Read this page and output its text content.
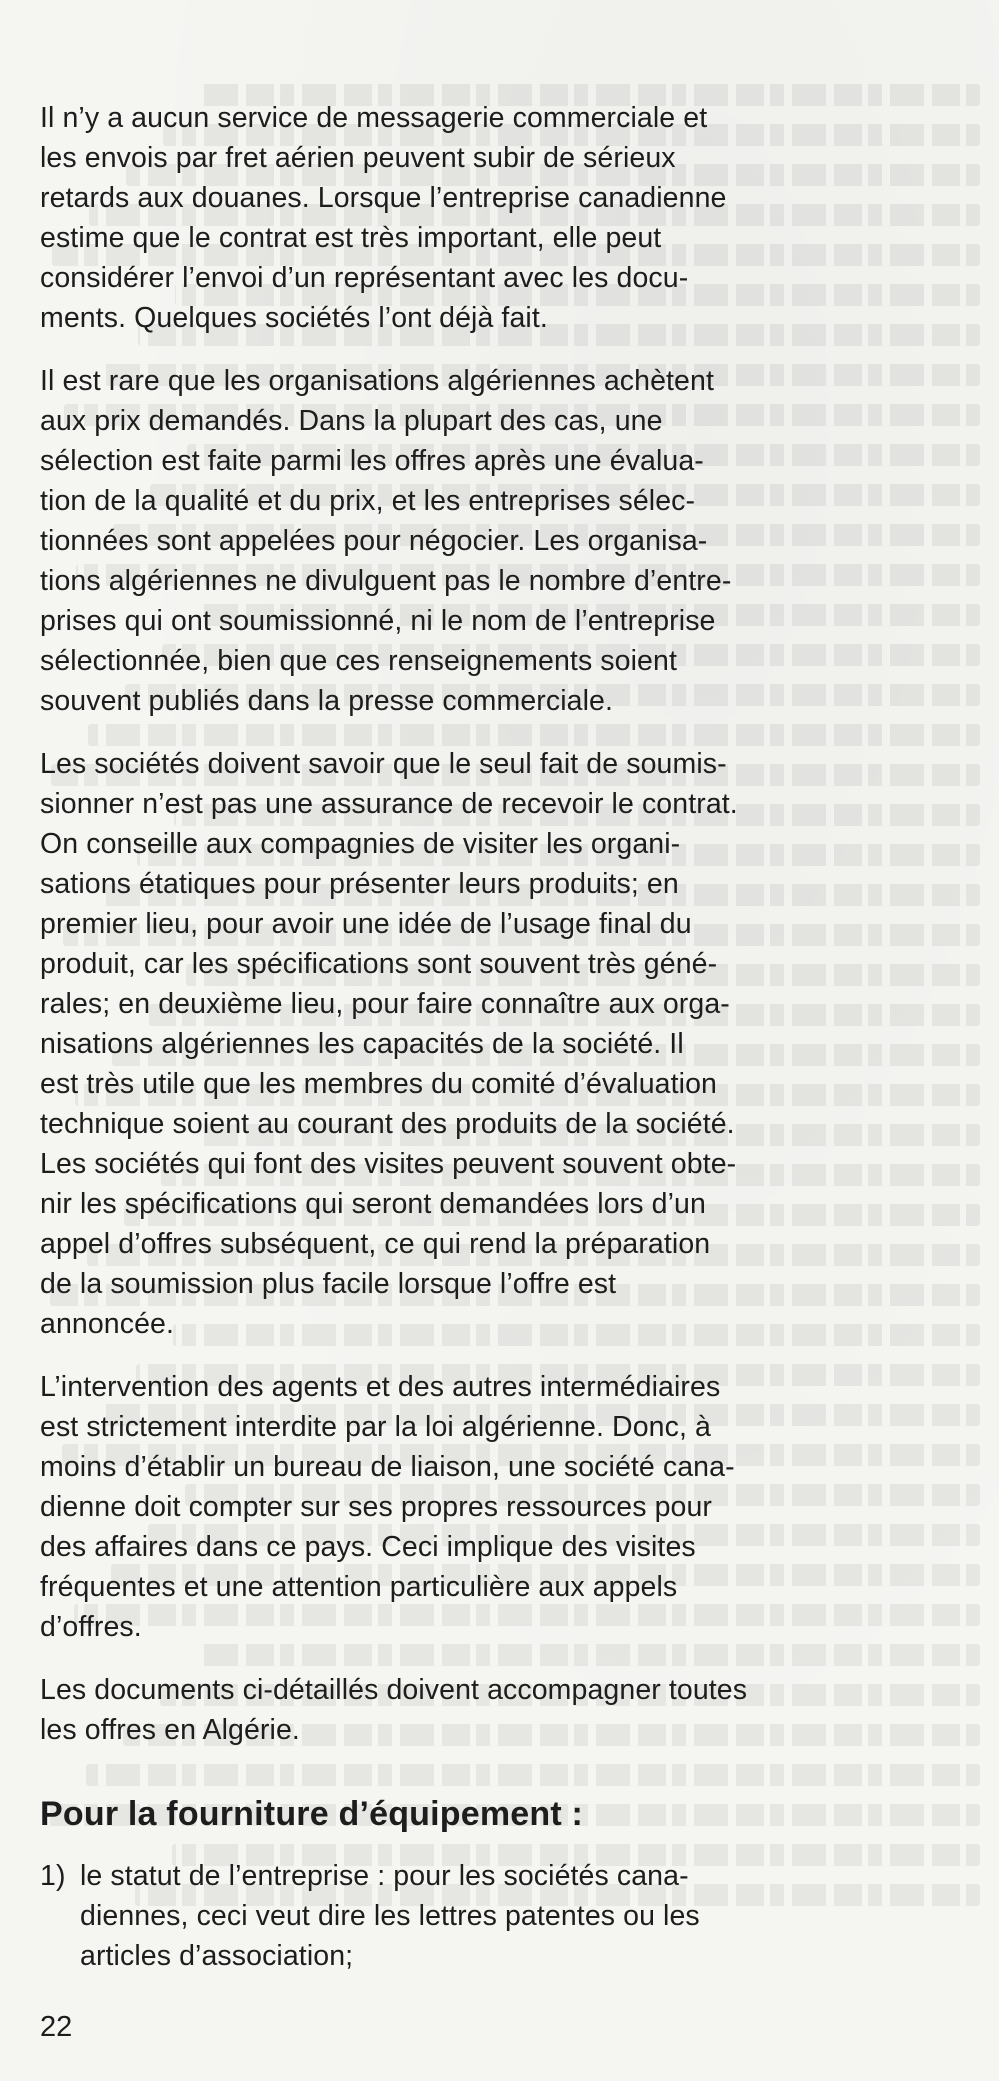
Il n’y a aucun service de messagerie commerciale et
les envois par fret aérien peuvent subir de sérieux
retards aux douanes. Lorsque l’entreprise canadienne
estime que le contrat est très important, elle peut
considérer l’envoi d’un représentant avec les docu-
ments. Quelques sociétés l’ont déjà fait.

Il est rare que les organisations algériennes achètent
aux prix demandés. Dans la plupart des cas, une
sélection est faite parmi les offres après une évalua-
tion de la qualité et du prix, et les entreprises sélec-
tionnées sont appelées pour négocier. Les organisa-
tions algériennes ne divulguent pas le nombre d’entre-
prises qui ont soumissionné, ni le nom de l’entreprise
sélectionnée, bien que ces renseignements soient
souvent publiés dans la presse commerciale.

Les sociétés doivent savoir que le seul fait de soumis-
sionner n’est pas une assurance de recevoir le contrat.
On conseille aux compagnies de visiter les organi-
sations étatiques pour présenter leurs produits; en
premier lieu, pour avoir une idée de l’usage final du
produit, car les spécifications sont souvent très géné-
rales; en deuxième lieu, pour faire connaître aux orga-
nisations algériennes les capacités de la société. Il
est très utile que les membres du comité d’évaluation
technique soient au courant des produits de la société.
Les sociétés qui font des visites peuvent souvent obte-
nir les spécifications qui seront demandées lors d’un
appel d’offres subséquent, ce qui rend la préparation
de la soumission plus facile lorsque l’offre est
annoncée.

L’intervention des agents et des autres intermédiaires
est strictement interdite par la loi algérienne. Donc, à
moins d’établir un bureau de liaison, une société cana-
dienne doit compter sur ses propres ressources pour
des affaires dans ce pays. Ceci implique des visites
fréquentes et une attention particulière aux appels
d’offres.

Les documents ci-détaillés doivent accompagner toutes
les offres en Algérie.

Pour la fourniture d’équipement :
1) le statut de l’entreprise : pour les sociétés cana-
diennes, ceci veut dire les lettres patentes ou les
articles d’association;
22
